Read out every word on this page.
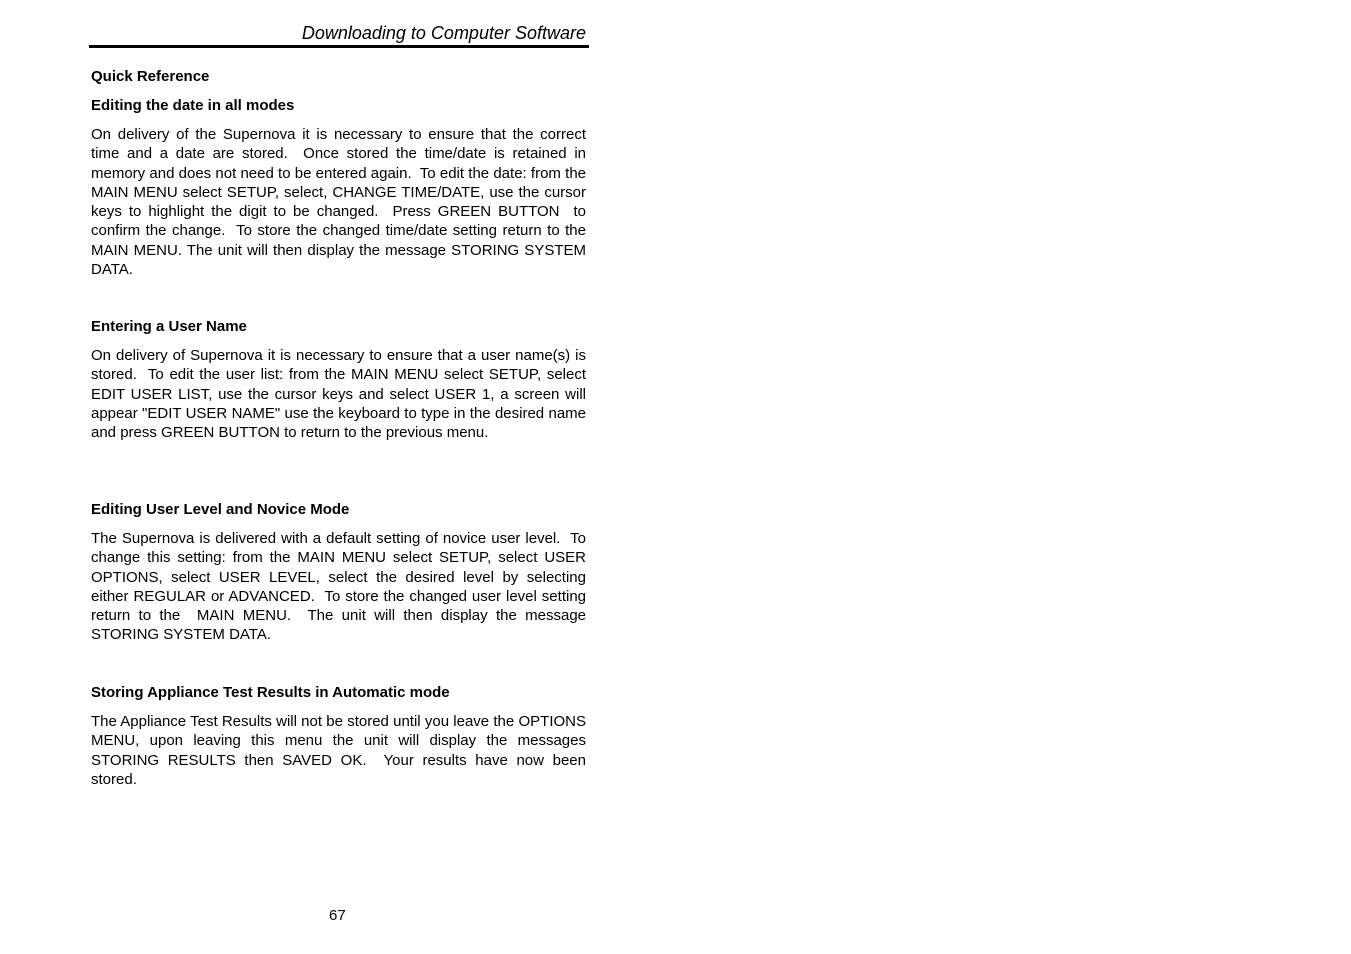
Downloading to Computer Software
Quick Reference
Editing the date in all modes
On delivery of the Supernova it is necessary to ensure that the correct time and a date are stored.  Once stored the time/date is retained in memory and does not need to be entered again.  To edit the date: from the MAIN MENU select SETUP, select, CHANGE TIME/DATE, use the cursor keys to highlight the digit to be changed.  Press GREEN BUTTON  to confirm the change.  To store the changed time/date setting return to the MAIN MENU. The unit will then display the message STORING SYSTEM DATA.
Entering a User Name
On delivery of Supernova it is necessary to ensure that a user name(s) is stored.  To edit the user list: from the MAIN MENU select SETUP, select EDIT USER LIST, use the cursor keys and select USER 1, a screen will appear "EDIT USER NAME" use the keyboard to type in the desired name and press GREEN BUTTON to return to the previous menu.
Editing User Level and Novice Mode
The Supernova is delivered with a default setting of novice user level.  To change this setting: from the MAIN MENU select SETUP, select USER OPTIONS, select USER LEVEL, select the desired level by selecting either REGULAR or ADVANCED.  To store the changed user level setting return to the  MAIN MENU.  The unit will then display the message STORING SYSTEM DATA.
Storing Appliance Test Results in Automatic mode
The Appliance Test Results will not be stored until you leave the OPTIONS MENU, upon leaving this menu the unit will display the messages STORING RESULTS then SAVED OK.  Your results have now been stored.
67
